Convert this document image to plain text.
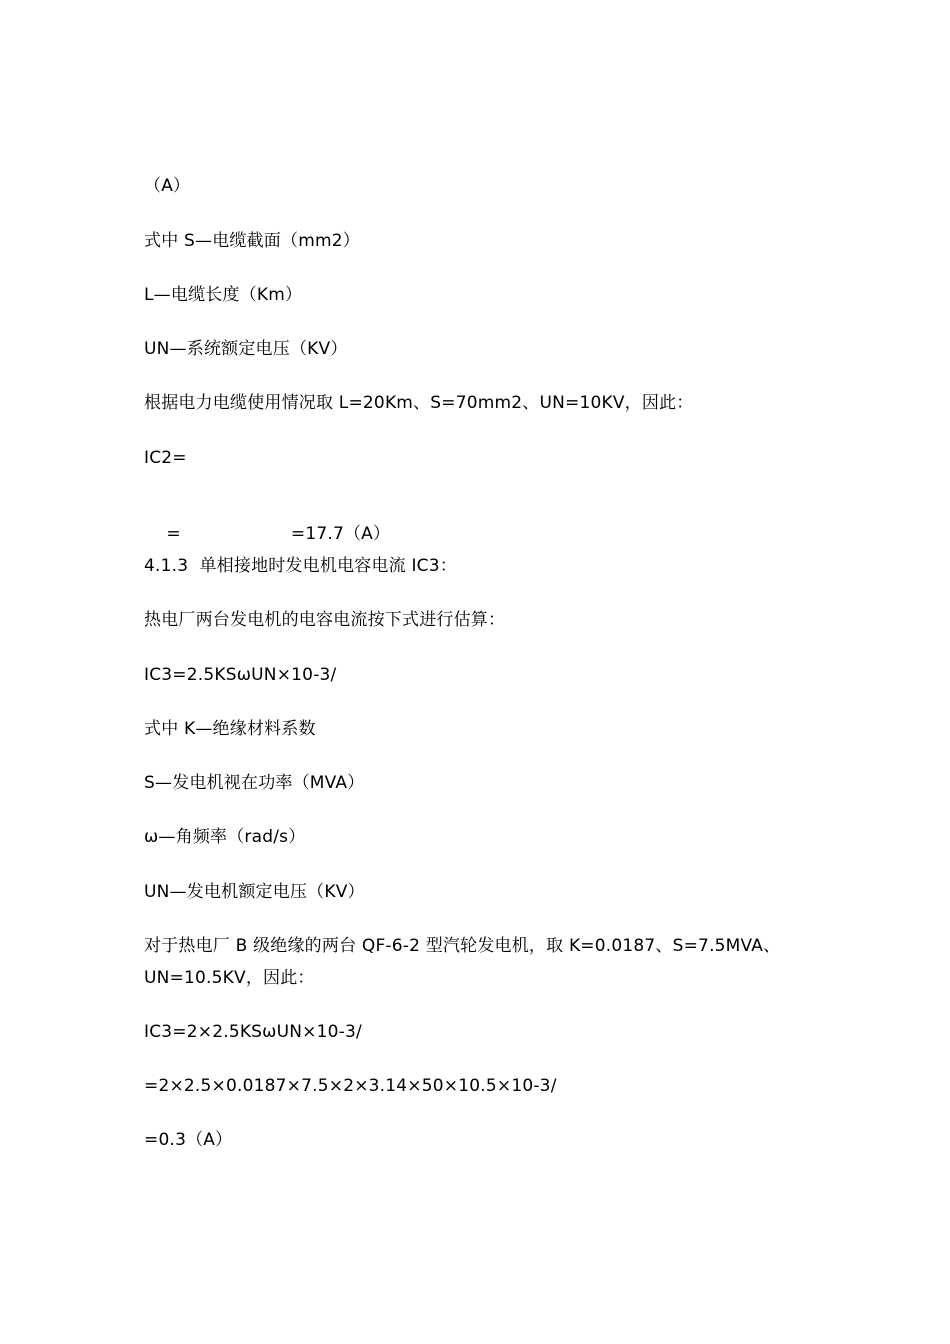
（A）
式中 S—电缆截面（mm2）
L—电缆长度（Km）
UN—系统额定电压（KV）
根据电力电缆使用情况取 L=20Km、S=70mm2、UN=10KV，因此：
IC2=

=	=17.7（A）

4.1.3  单相接地时发电机电容电流 IC3：
热电厂两台发电机的电容电流按下式进行估算：
IC3=2.5KSωUN×10-3/
式中 K—绝缘材料系数
S—发电机视在功率（MVA）
ω—角频率（rad/s）
UN—发电机额定电压（KV）
对于热电厂 B 级绝缘的两台 QF-6-2 型汽轮发电机，取 K=0.0187、S=7.5MVA、
UN=10.5KV，因此：
IC3=2×2.5KSωUN×10-3/
=2×2.5×0.0187×7.5×2×3.14×50×10.5×10-3/
=0.3（A）
